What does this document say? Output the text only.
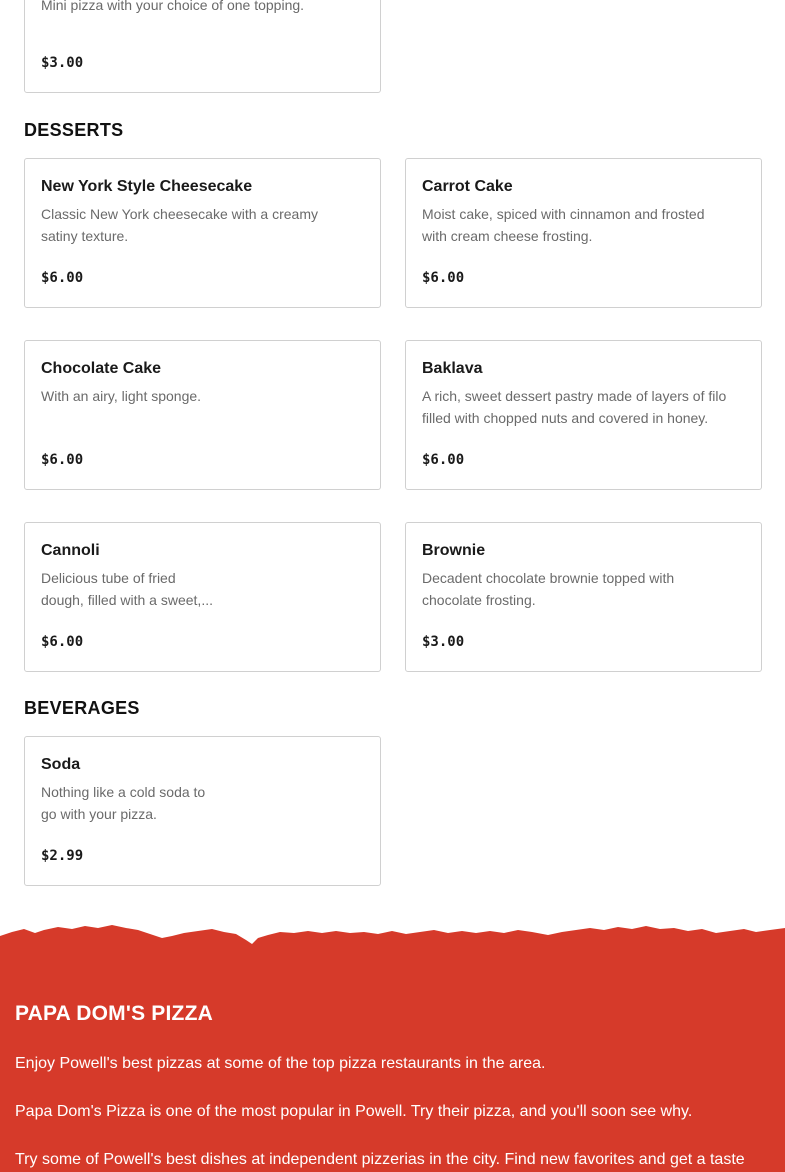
Mini pizza with your choice of one topping.
$3.00
DESSERTS
New York Style Cheesecake
Classic New York cheesecake with a creamy satiny texture.
$6.00
Carrot Cake
Moist cake, spiced with cinnamon and frosted with cream cheese frosting.
$6.00
Chocolate Cake
With an airy, light sponge.
$6.00
Baklava
A rich, sweet dessert pastry made of layers of filo filled with chopped nuts and covered in honey.
$6.00
Cannoli
Delicious tube of fried dough, filled with a sweet,...
$6.00
Brownie
Decadent chocolate brownie topped with chocolate frosting.
$3.00
BEVERAGES
Soda
Nothing like a cold soda to go with your pizza.
$2.99
PAPA DOM'S PIZZA
Enjoy Powell's best pizzas at some of the top pizza restaurants in the area.
Papa Dom's Pizza is one of the most popular in Powell. Try their pizza, and you'll soon see why.
Try some of Powell's best dishes at independent pizzerias in the city. Find new favorites and get a taste
